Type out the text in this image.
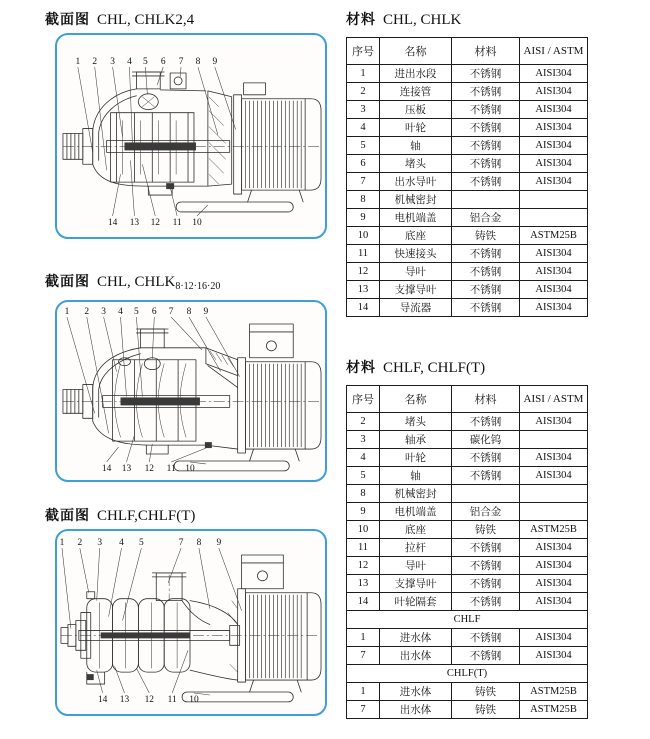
截面图 CHL, CHLK2,4
1 2 3 4 5 6 7 8 9
14 13 12 11 10
截面图 CHL, $CHLK_{8\cdot 12\cdot 16\cdot 20}$
1 2 3 4 5 6 7 8 9
14 13 12 11 10
截面图 CHLF,CHLF(T)
1 2 3 4 5	7 8 9
14 13 12 11 10
材料 CHL, CHLK
序号	名称	材料	AISI / ASTM
1	进出水段	不锈钢	AISI304
2	连接管	不锈钢	AISI304
3	压板	不锈钢	AISI304
4	叶轮	不锈钢	AISI304
5	轴	不锈钢	AISI304
6	堵头	不锈钢	AISI304
7	出水导叶	不锈钢	AISI304
8	机械密封		
9	电机端盖	铝合金	
10	底座	铸铁	ASTM25B
11	快速接头	不锈钢	AISI304
12	导叶	不锈钢	AISI304
13	支撑导叶	不锈钢	AISI304
14	导流器	不锈钢	AISI304
材料 CHLF, CHLF(T)
序号	名称	材料	AISI / ASTM
2	堵头	不锈钢	AISI304
3	轴承	碳化钨	
4	叶轮	不锈钢	AISI304
5	轴	不锈钢	AISI304
8	机械密封		
9	电机端盖	铝合金	
10	底座	铸铁	ASTM25B
11	拉杆	不锈钢	AISI304
12	导叶	不锈钢	AISI304
13	支撑导叶	不锈钢	AISI304
14	叶轮隔套	不锈钢	AISI304
CHLF			
1	进水体	不锈钢	AISI304
7	出水体	不锈钢	AISI304
CHLF(T)			
1	进水体	铸铁	ASTM25B
7	出水体	铸铁	ASTM25B
